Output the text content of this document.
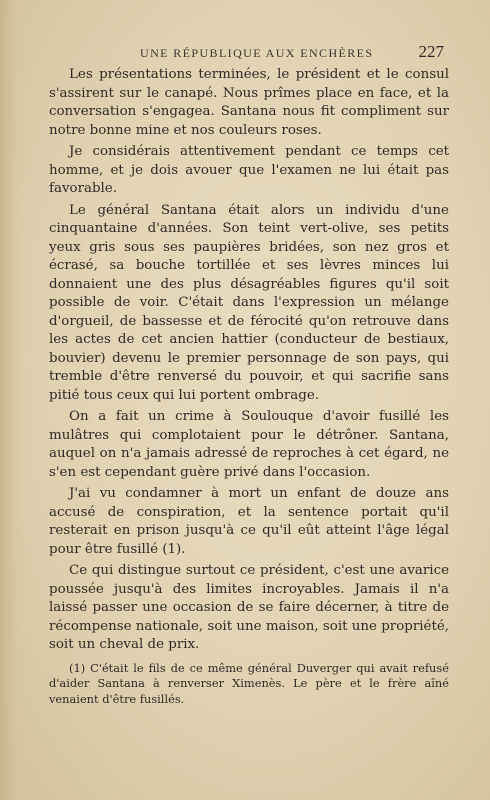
UNE RÉPUBLIQUE AUX ENCHÈRES	227

Les présentations terminées, le président et le consul s'assirent sur le canapé. Nous prîmes place en face, et la conversation s'engagea. Santana nous fit compliment sur notre bonne mine et nos couleurs roses.

Je considérais attentivement pendant ce temps cet homme, et je dois avouer que l'examen ne lui était pas favorable.

Le général Santana était alors un individu d'une cinquantaine d'années. Son teint vert-olive, ses petits yeux gris sous ses paupières bridées, son nez gros et écrasé, sa bouche tortillée et ses lèvres minces lui donnaient une des plus désagréables figures qu'il soit possible de voir. C'était dans l'expression un mélange d'orgueil, de bassesse et de férocité qu'on retrouve dans les actes de cet ancien hattier (conducteur de bestiaux, bouvier) devenu le premier personnage de son pays, qui tremble d'être renversé du pouvoir, et qui sacrifie sans pitié tous ceux qui lui portent ombrage.

On a fait un crime à Soulouque d'avoir fusillé les mulâtres qui complotaient pour le détrôner. Santana, auquel on n'a jamais adressé de reproches à cet égard, ne s'en est cependant guère privé dans l'occasion.

J'ai vu condamner à mort un enfant de douze ans accusé de conspiration, et la sentence portait qu'il resterait en prison jusqu'à ce qu'il eût atteint l'âge légal pour être fusillé (1).

Ce qui distingue surtout ce président, c'est une avarice poussée jusqu'à des limites incroyables. Jamais il n'a laissé passer une occasion de se faire décerner, à titre de récompense nationale, soit une maison, soit une propriété, soit un cheval de prix.

(1) C'était le fils de ce même général Duverger qui avait refusé d'aider Santana à renverser Ximenès. Le père et le frère aîné venaient d'être fusillés.
